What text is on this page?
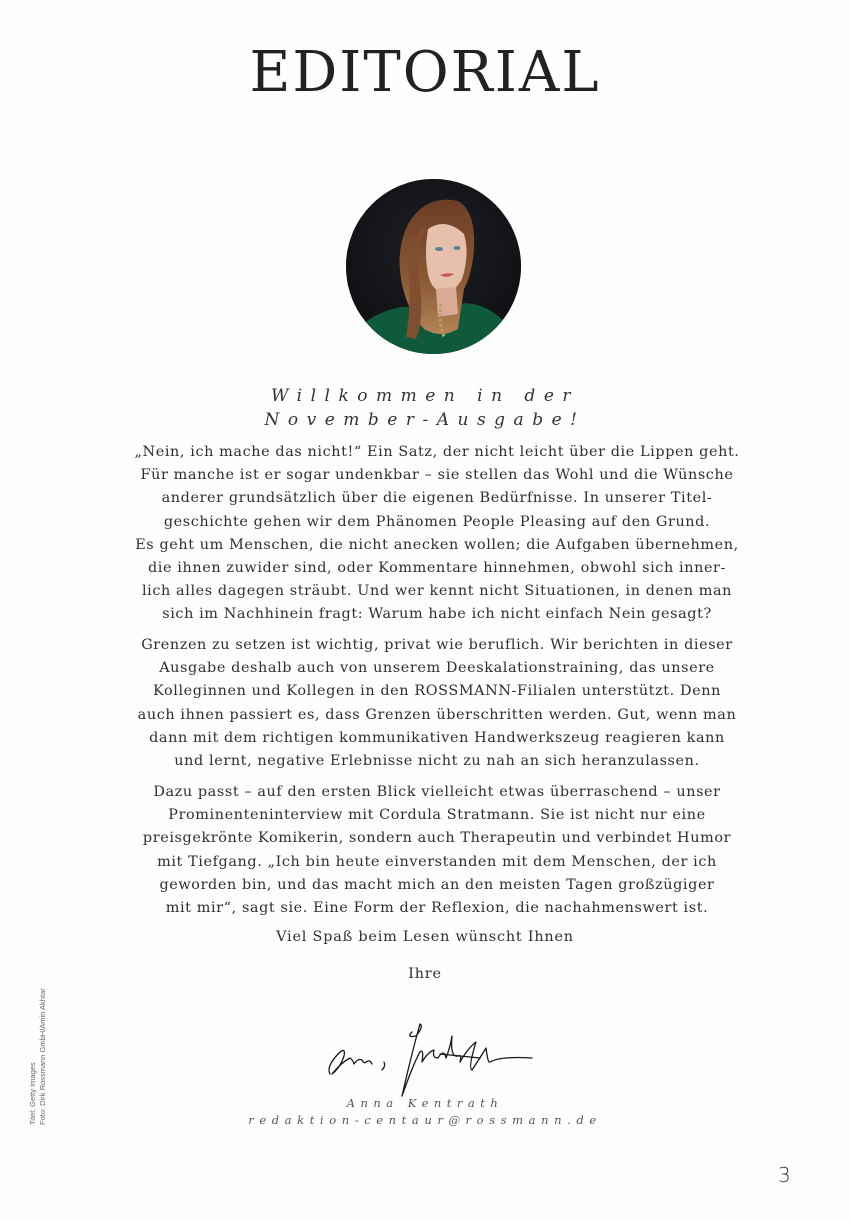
EDITORIAL
Willkommen in der
November-Ausgabe!
„Nein, ich mache das nicht!“ Ein Satz, der nicht leicht über die Lippen geht.
Für manche ist er sogar undenkbar – sie stellen das Wohl und die Wünsche
anderer grundsätzlich über die eigenen Bedürfnisse. In unserer Titel-
geschichte gehen wir dem Phänomen People Pleasing auf den Grund.
Es geht um Menschen, die nicht anecken wollen; die Aufgaben übernehmen,
die ihnen zuwider sind, oder Kommentare hinnehmen, obwohl sich inner-
lich alles dagegen sträubt. Und wer kennt nicht Situationen, in denen man
sich im Nachhinein fragt: Warum habe ich nicht einfach Nein gesagt?
Grenzen zu setzen ist wichtig, privat wie beruflich. Wir berichten in dieser
Ausgabe deshalb auch von unserem Deeskalationstraining, das unsere
Kolleginnen und Kollegen in den ROSSMANN-Filialen unterstützt. Denn
auch ihnen passiert es, dass Grenzen überschritten werden. Gut, wenn man
dann mit dem richtigen kommunikativen Handwerkszeug reagieren kann
und lernt, negative Erlebnisse nicht zu nah an sich heranzulassen.
Dazu passt – auf den ersten Blick vielleicht etwas überraschend – unser
Prominenteninterview mit Cordula Stratmann. Sie ist nicht nur eine
preisgekrönte Komikerin, sondern auch Therapeutin und verbindet Humor
mit Tiefgang. „Ich bin heute einverstanden mit dem Menschen, der ich
geworden bin, und das macht mich an den meisten Tagen großzügiger
mit mir“, sagt sie. Eine Form der Reflexion, die nachahmenswert ist.
Viel Spaß beim Lesen wünscht Ihnen
Ihre
Anna Kentrath
redaktion-centaur@rossmann.de
Titel: Getty Images Foto: Dirk Rossmann GmbH/Amin Akhtar
3
